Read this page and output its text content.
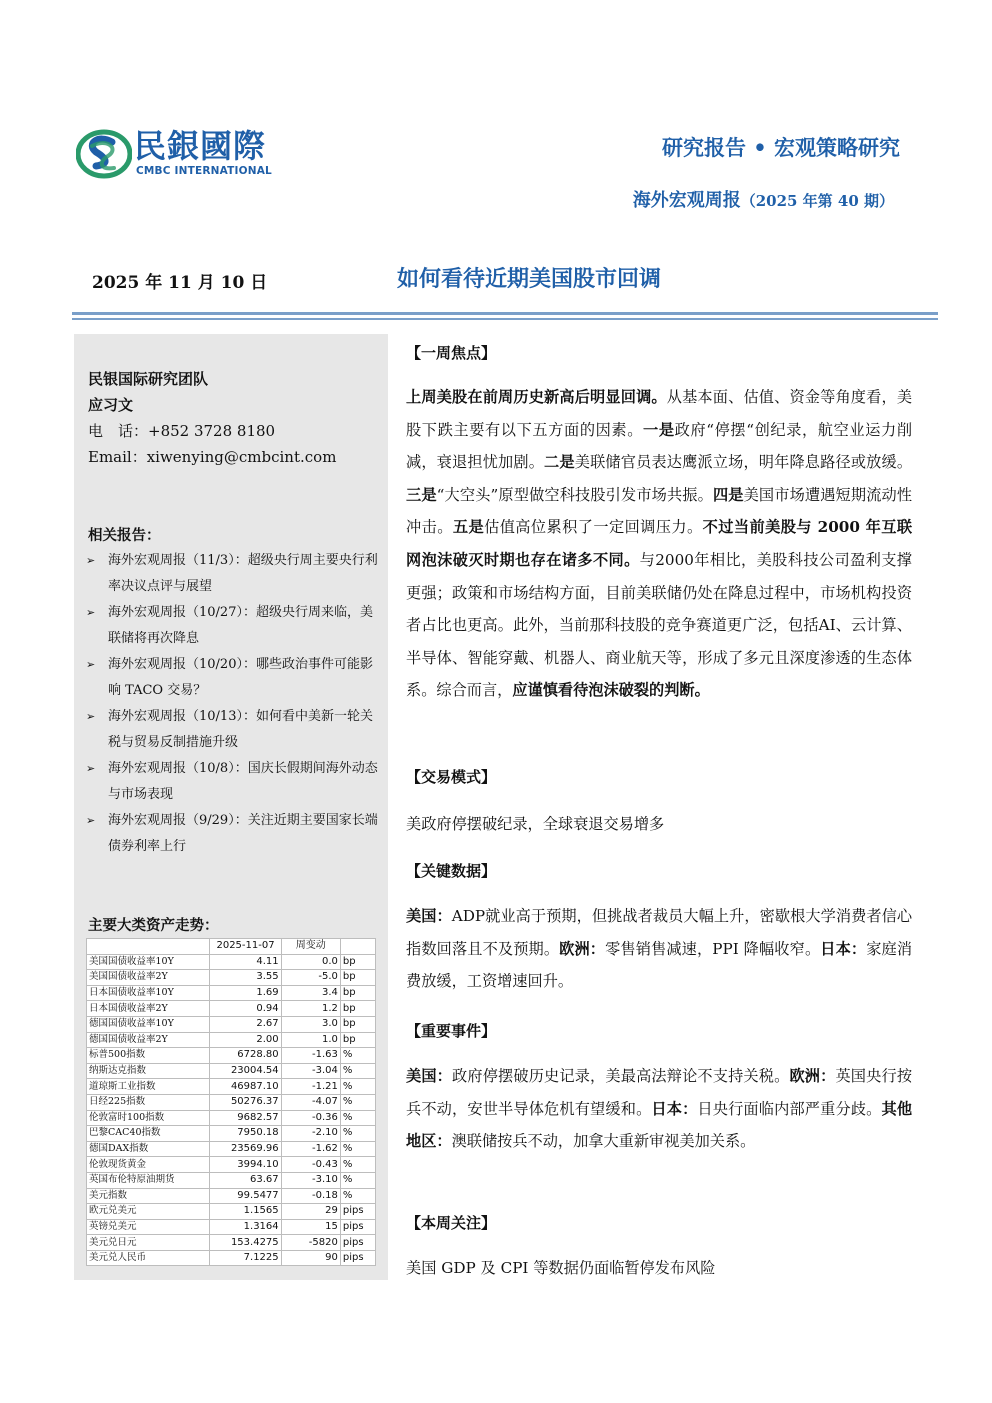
民銀國際
CMBC INTERNATIONAL
研究报告 • 宏观策略研究
海外宏观周报（2025 年第 40 期）
2025 年 11 月 10 日	如何看待近期美国股市回调
民银国际研究团队
应习文
电　话：+852 3728 8180
Email：xiwenying@cmbcint.com
相关报告：
➢ 海外宏观周报（11/3）：超级央行周主要央行利率决议点评与展望
➢ 海外宏观周报（10/27）：超级央行周来临，美联储将再次降息
➢ 海外宏观周报（10/20）：哪些政治事件可能影响 TACO 交易？
➢ 海外宏观周报（10/13）：如何看中美新一轮关税与贸易反制措施升级
➢ 海外宏观周报（10/8）：国庆长假期间海外动态与市场表现
➢ 海外宏观周报（9/29）：关注近期主要国家长端债券利率上行
主要大类资产走势：
	2025-11-07	周变动	
美国国债收益率10Y	4.11	0.0	bp
美国国债收益率2Y	3.55	-5.0	bp
日本国债收益率10Y	1.69	3.4	bp
日本国债收益率2Y	0.94	1.2	bp
德国国债收益率10Y	2.67	3.0	bp
德国国债收益率2Y	2.00	1.0	bp
标普500指数	6728.80	-1.63	%
纳斯达克指数	23004.54	-3.04	%
道琼斯工业指数	46987.10	-1.21	%
日经225指数	50276.37	-4.07	%
伦敦富时100指数	9682.57	-0.36	%
巴黎CAC40指数	7950.18	-2.10	%
德国DAX指数	23569.96	-1.62	%
伦敦现货黄金	3994.10	-0.43	%
英国布伦特原油期货	63.67	-3.10	%
美元指数	99.5477	-0.18	%
欧元兑美元	1.1565	29	pips
英镑兑美元	1.3164	15	pips
美元兑日元	153.4275	-5820	pips
美元兑人民币	7.1225	90	pips
【一周焦点】
上周美股在前周历史新高后明显回调。从基本面、估值、资金等角度看，美股下跌主要有以下五方面的因素。一是政府“停摆“创纪录，航空业运力削减，衰退担忧加剧。二是美联储官员表达鹰派立场，明年降息路径或放缓。三是“大空头”原型做空科技股引发市场共振。四是美国市场遭遇短期流动性冲击。五是估值高位累积了一定回调压力。不过当前美股与 2000 年互联网泡沫破灭时期也存在诸多不同。与2000年相比，美股科技公司盈利支撑更强；政策和市场结构方面，目前美联储仍处在降息过程中，市场机构投资者占比也更高。此外，当前那科技股的竞争赛道更广泛，包括AI、云计算、半导体、智能穿戴、机器人、商业航天等，形成了多元且深度渗透的生态体系。综合而言，应谨慎看待泡沫破裂的判断。
【交易模式】
美政府停摆破纪录，全球衰退交易增多
【关键数据】
美国：ADP就业高于预期，但挑战者裁员大幅上升，密歇根大学消费者信心指数回落且不及预期。欧洲：零售销售减速，PPI 降幅收窄。日本：家庭消费放缓，工资增速回升。
【重要事件】
美国：政府停摆破历史记录，美最高法辩论不支持关税。欧洲：英国央行按兵不动，安世半导体危机有望缓和。日本：日央行面临内部严重分歧。其他地区：澳联储按兵不动，加拿大重新审视美加关系。
【本周关注】
美国 GDP 及 CPI 等数据仍面临暂停发布风险
